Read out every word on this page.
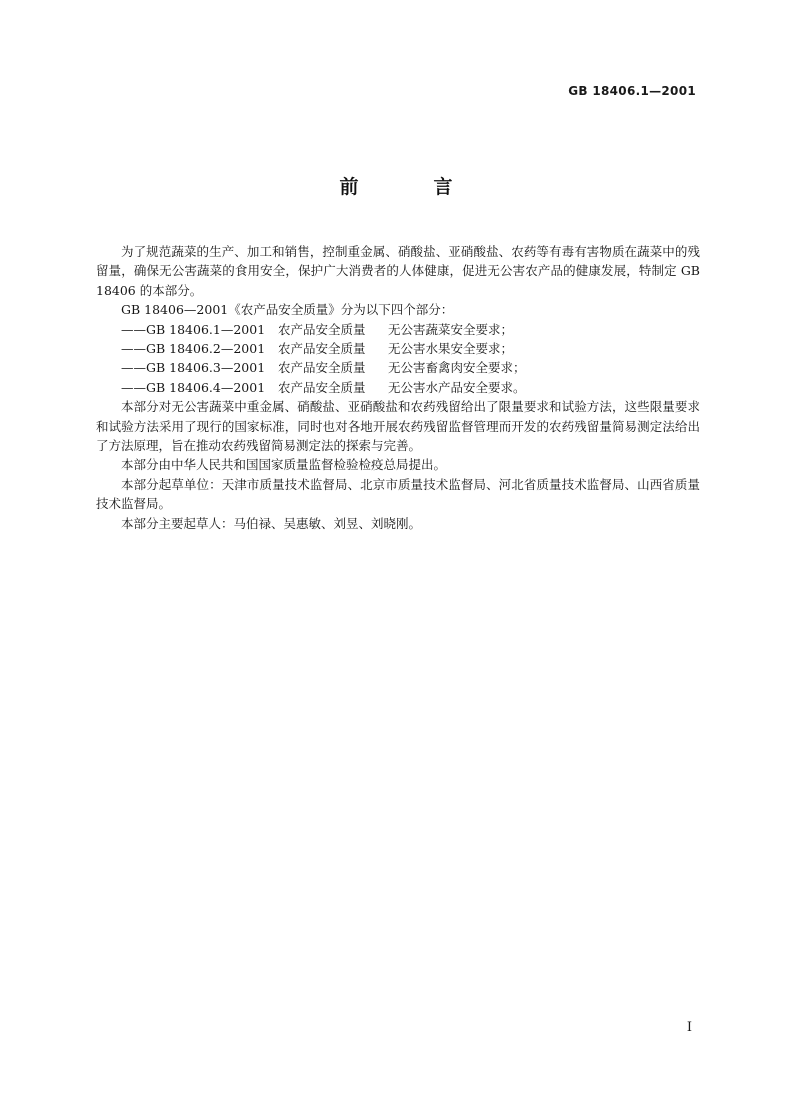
GB 18406.1—2001
前　言

为了规范蔬菜的生产、加工和销售，控制重金属、硝酸盐、亚硝酸盐、农药等有毒有害物质在蔬菜中的残留量，确保无公害蔬菜的食用安全，保护广大消费者的人体健康，促进无公害农产品的健康发展，特制定 GB 18406 的本部分。

GB 18406—2001《农产品安全质量》分为以下四个部分：

——GB 18406.1—2001 农产品安全质量 无公害蔬菜安全要求；

——GB 18406.2—2001 农产品安全质量 无公害水果安全要求；

——GB 18406.3—2001 农产品安全质量 无公害畜禽肉安全要求；

——GB 18406.4—2001 农产品安全质量 无公害水产品安全要求。

本部分对无公害蔬菜中重金属、硝酸盐、亚硝酸盐和农药残留给出了限量要求和试验方法，这些限量要求和试验方法采用了现行的国家标准，同时也对各地开展农药残留监督管理而开发的农药残留量简易测定法给出了方法原理，旨在推动农药残留简易测定法的探索与完善。

本部分由中华人民共和国国家质量监督检验检疫总局提出。

本部分起草单位：天津市质量技术监督局、北京市质量技术监督局、河北省质量技术监督局、山西省质量技术监督局。

本部分主要起草人：马伯禄、吴惠敏、刘昱、刘晓刚。

I
